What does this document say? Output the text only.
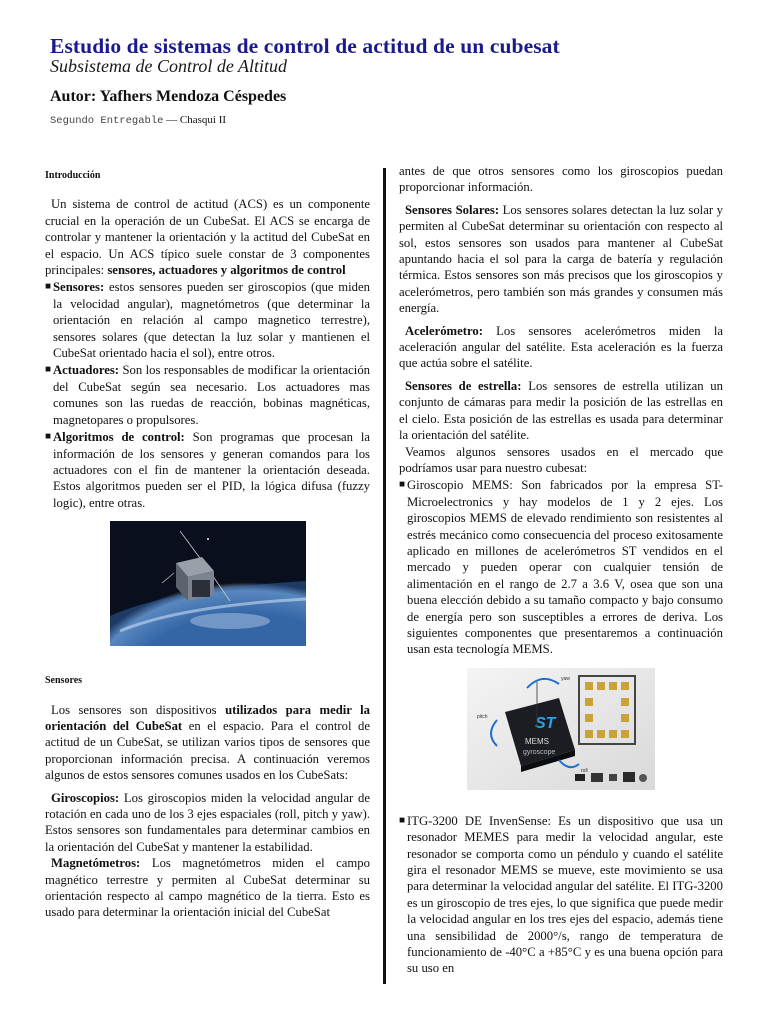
Estudio de sistemas de control de actitud de un cubesat
Subsistema de Control de Altitud
Autor: Yafhers Mendoza Céspedes
Segundo Entregable — Chasqui II
Introducción

Un sistema de control de actitud (ACS) es un componente crucial en la operación de un CubeSat. El ACS se encarga de controlar y mantener la orientación y la actitud del CubeSat en el espacio. Un ACS típico suele constar de 3 componentes principales: sensores, actuadores y algoritmos de control

■ Sensores: estos sensores pueden ser giroscopios (que miden la velocidad angular), magnetómetros (que determinar la orientación en relación al campo magnetico terrestre), sensores solares (que detectan la luz solar y mantienen el CubeSat orientado hacia el sol), entre otros.
■ Actuadores: Son los responsables de modificar la orientación del CubeSat según sea necesario. Los actuadores mas comunes son las ruedas de reacción, bobinas magnéticas, magnetopares o propulsores.
■ Algoritmos de control: Son programas que procesan la información de los sensores y generan comandos para los actuadores con el fin de mantener la orientación deseada. Estos algoritmos pueden ser el PID, la lógica difusa (fuzzy logic), entre otras.
Sensores

Los sensores son dispositivos utilizados para medir la orientación del CubeSat en el espacio. Para el control de actitud de un CubeSat, se utilizan varios tipos de sensores que proporcionan información precisa. A continuación veremos algunos de estos sensores comunes usados en los CubeSats:

Giroscopios: Los giroscopios miden la velocidad angular de rotación en cada uno de los 3 ejes espaciales (roll, pitch y yaw). Estos sensores son fundamentales para determinar cambios en la orientación del CubeSat y mantener la estabilidad.

Magnetómetros: Los magnetómetros miden el campo magnético terrestre y permiten al CubeSat determinar su orientación respecto al campo magnético de la tierra. Esto es usado para determinar la orientación inicial del CubeSat

antes de que otros sensores como los giroscopios puedan proporcionar información.

Sensores Solares: Los sensores solares detectan la luz solar y permiten al CubeSat determinar su orientación con respecto al sol, estos sensores son usados para mantener al CubeSat apuntando hacia el sol para la carga de batería y regulación térmica. Estos sensores son más precisos que los giroscopios y acelerómetros, pero también son más grandes y consumen más energía.

Acelerómetro: Los sensores acelerómetros miden la aceleración angular del satélite. Esta aceleración es la fuerza que actúa sobre el satélite.

Sensores de estrella: Los sensores de estrella utilizan un conjunto de cámaras para medir la posición de las estrellas en el cielo. Esta posición de las estrellas es usada para determinar la orientación del satélite.

Veamos algunos sensores usados en el mercado que podríamos usar para nuestro cubesat:

■ Giroscopio MEMS: Son fabricados por la empresa ST-Microelectronics y hay modelos de 1 y 2 ejes. Los giroscopios MEMS de elevado rendimiento son resistentes al estrés mecánico como consecuencia del proceso exitosamente aplicado en millones de acelerómetros ST vendidos en el mercado y pueden operar con cualquier tensión de alimentación en el rango de 2.7 a 3.6 V, osea que son una buena elección debido a su tamaño compacto y bajo consumo de energía pero son susceptibles a errores de deriva. Los siguientes componentes que presentaremos a continuación usan esta tecnología MEMS.
ST
MEMS
gyroscope
yaw
pitch
roll
■ ITG-3200 DE InvenSense: Es un dispositivo que usa un resonador MEMES para medir la velocidad angular, este resonador se comporta como un péndulo y cuando el satélite gira el resonador MEMS se mueve, este movimiento se usa para determinar la velocidad angular del satélite. El ITG-3200 es un giroscopio de tres ejes, lo que significa que puede medir la velocidad angular en los tres ejes del espacio, además tiene una sensibilidad de 2000°/s, rango de temperatura de funcionamiento de -40°C a +85°C y es una buena opción para su uso en
